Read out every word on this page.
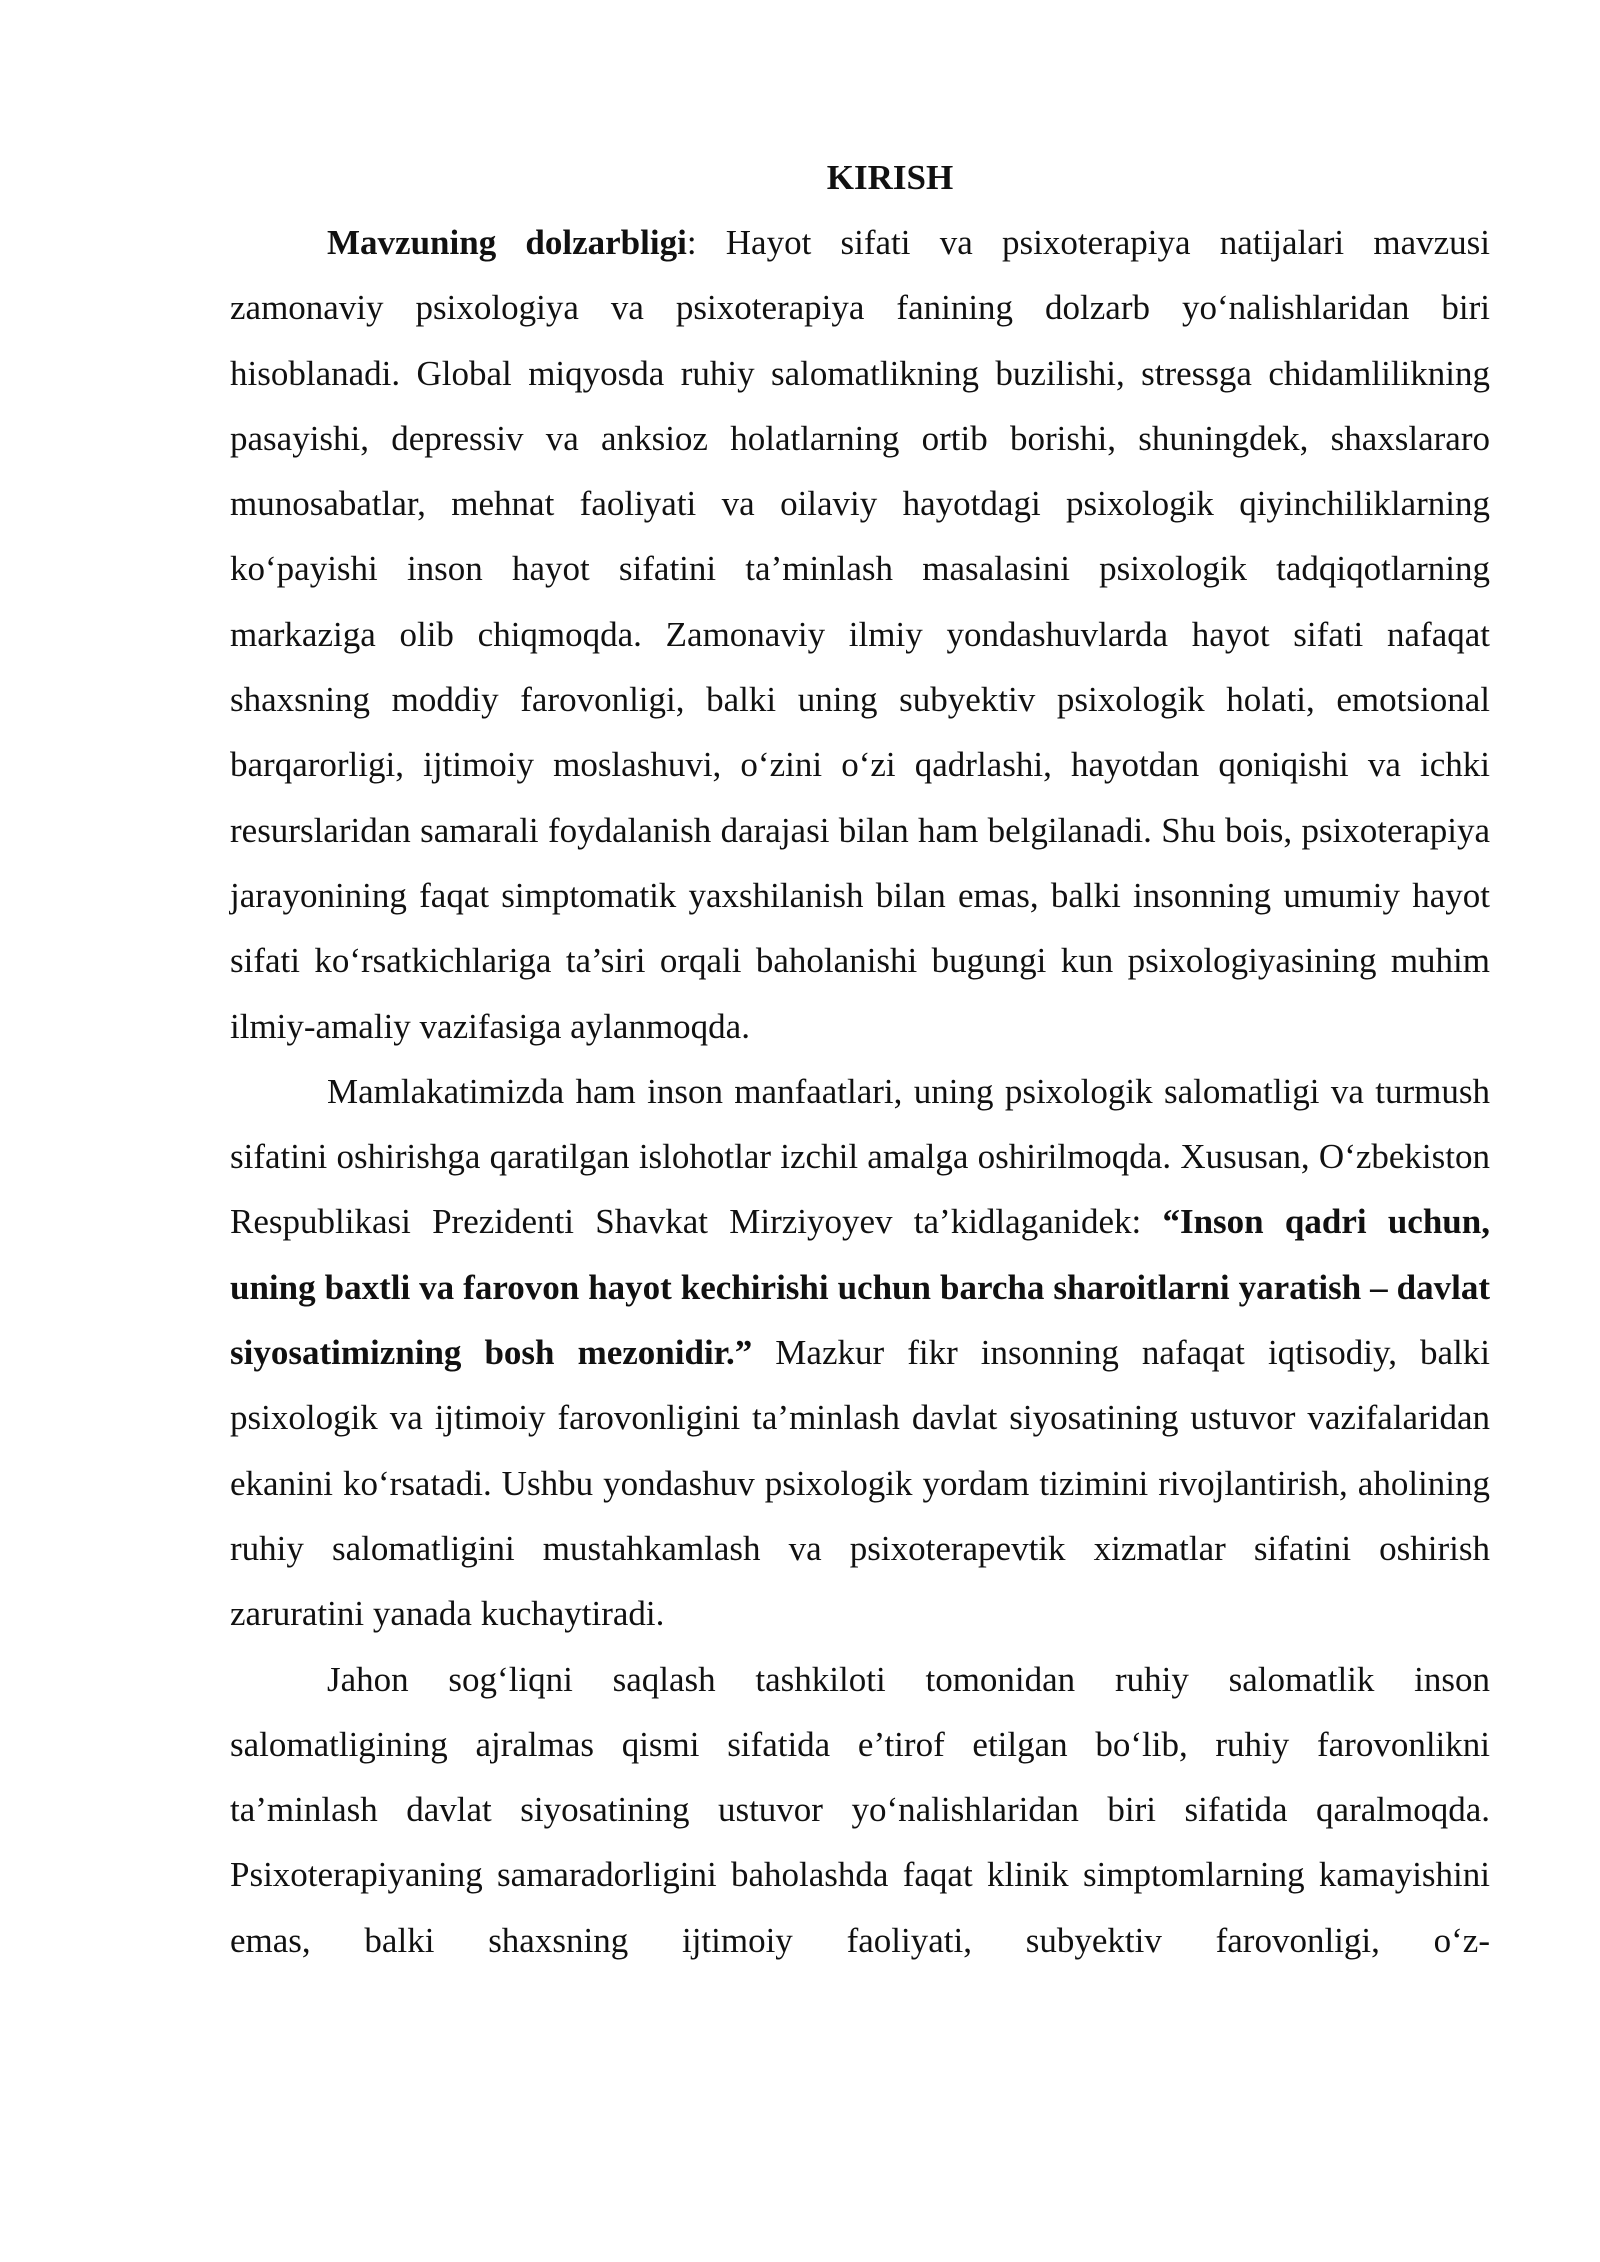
KIRISH

Mavzuning dolzarbligi: Hayot sifati va psixoterapiya natijalari mavzusi zamonaviy psixologiya va psixoterapiya fanining dolzarb yo‘nalishlaridan biri hisoblanadi. Global miqyosda ruhiy salomatlikning buzilishi, stressga chidamlilikning pasayishi, depressiv va anksioz holatlarning ortib borishi, shuningdek, shaxslararo munosabatlar, mehnat faoliyati va oilaviy hayotdagi psixologik qiyinchiliklarning ko‘payishi inson hayot sifatini ta’minlash masalasini psixologik tadqiqotlarning markaziga olib chiqmoqda. Zamonaviy ilmiy yondashuvlarda hayot sifati nafaqat shaxsning moddiy farovonligi, balki uning subyektiv psixologik holati, emotsional barqarorligi, ijtimoiy moslashuvi, o‘zini o‘zi qadrlashi, hayotdan qoniqishi va ichki resurslaridan samarali foydalanish darajasi bilan ham belgilanadi. Shu bois, psixoterapiya jarayonining faqat simptomatik yaxshilanish bilan emas, balki insonning umumiy hayot sifati ko‘rsatkichlariga ta’siri orqali baholanishi bugungi kun psixologiyasining muhim ilmiy-amaliy vazifasiga aylanmoqda.

Mamlakatimizda ham inson manfaatlari, uning psixologik salomatligi va turmush sifatini oshirishga qaratilgan islohotlar izchil amalga oshirilmoqda. Xususan, O‘zbekiston Respublikasi Prezidenti Shavkat Mirziyoyev ta’kidlaganidek: “Inson qadri uchun, uning baxtli va farovon hayot kechirishi uchun barcha sharoitlarni yaratish – davlat siyosatimizning bosh mezonidir.” Mazkur fikr insonning nafaqat iqtisodiy, balki psixologik va ijtimoiy farovonligini ta’minlash davlat siyosatining ustuvor vazifalaridan ekanini ko‘rsatadi. Ushbu yondashuv psixologik yordam tizimini rivojlantirish, aholining ruhiy salomatligini mustahkamlash va psixoterapevtik xizmatlar sifatini oshirish zaruratini yanada kuchaytiradi.

Jahon sog‘liqni saqlash tashkiloti tomonidan ruhiy salomatlik inson salomatligining ajralmas qismi sifatida e’tirof etilgan bo‘lib, ruhiy farovonlikni ta’minlash davlat siyosatining ustuvor yo‘nalishlaridan biri sifatida qaralmoqda. Psixoterapiyaning samaradorligini baholashda faqat klinik simptomlarning kamayishini emas, balki shaxsning ijtimoiy faoliyati, subyektiv farovonligi, o‘z-
